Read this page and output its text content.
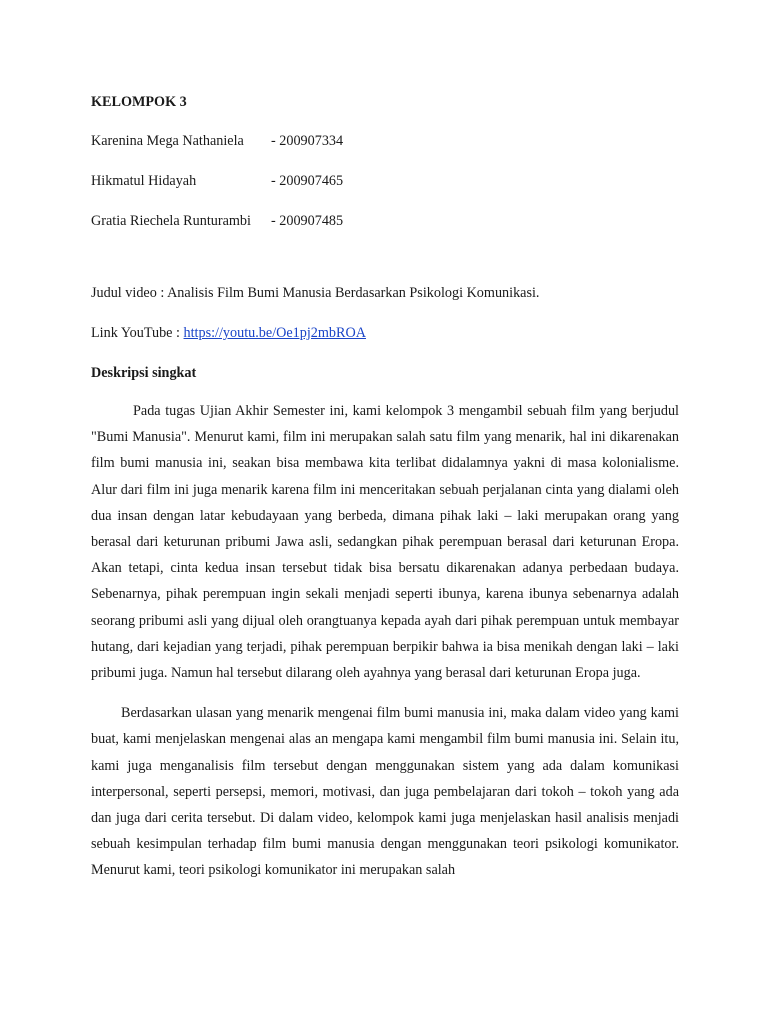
KELOMPOK 3

Karenina Mega Nathaniela	- 200907334
Hikmatul Hidayah	- 200907465
Gratia Riechela Runturambi	- 200907485
Judul video : Analisis Film Bumi Manusia Berdasarkan Psikologi Komunikasi.
Link YouTube : https://youtu.be/Oe1pj2mbROA
Deskripsi singkat

Pada tugas Ujian Akhir Semester ini, kami kelompok 3 mengambil sebuah film yang berjudul "Bumi Manusia". Menurut kami, film ini merupakan salah satu film yang menarik, hal ini dikarenakan film bumi manusia ini, seakan bisa membawa kita terlibat didalamnya yakni di masa kolonialisme. Alur dari film ini juga menarik karena film ini menceritakan sebuah perjalanan cinta yang dialami oleh dua insan dengan latar kebudayaan yang berbeda, dimana pihak laki – laki merupakan orang yang berasal dari keturunan pribumi Jawa asli, sedangkan pihak perempuan berasal dari keturunan Eropa. Akan tetapi, cinta kedua insan tersebut tidak bisa bersatu dikarenakan adanya perbedaan budaya. Sebenarnya, pihak perempuan ingin sekali menjadi seperti ibunya, karena ibunya sebenarnya adalah seorang pribumi asli yang dijual oleh orangtuanya kepada ayah dari pihak perempuan untuk membayar hutang, dari kejadian yang terjadi, pihak perempuan berpikir bahwa ia bisa menikah dengan laki – laki pribumi juga. Namun hal tersebut dilarang oleh ayahnya yang berasal dari keturunan Eropa juga.

Berdasarkan ulasan yang menarik mengenai film bumi manusia ini, maka dalam video yang kami buat, kami menjelaskan mengenai alas an mengapa kami mengambil film bumi manusia ini. Selain itu, kami juga menganalisis film tersebut dengan menggunakan sistem yang ada dalam komunikasi interpersonal, seperti persepsi, memori, motivasi, dan juga pembelajaran dari tokoh – tokoh yang ada dan juga dari cerita tersebut. Di dalam video, kelompok kami juga menjelaskan hasil analisis menjadi sebuah kesimpulan terhadap film bumi manusia dengan menggunakan teori psikologi komunikator. Menurut kami, teori psikologi komunikator ini merupakan salah
